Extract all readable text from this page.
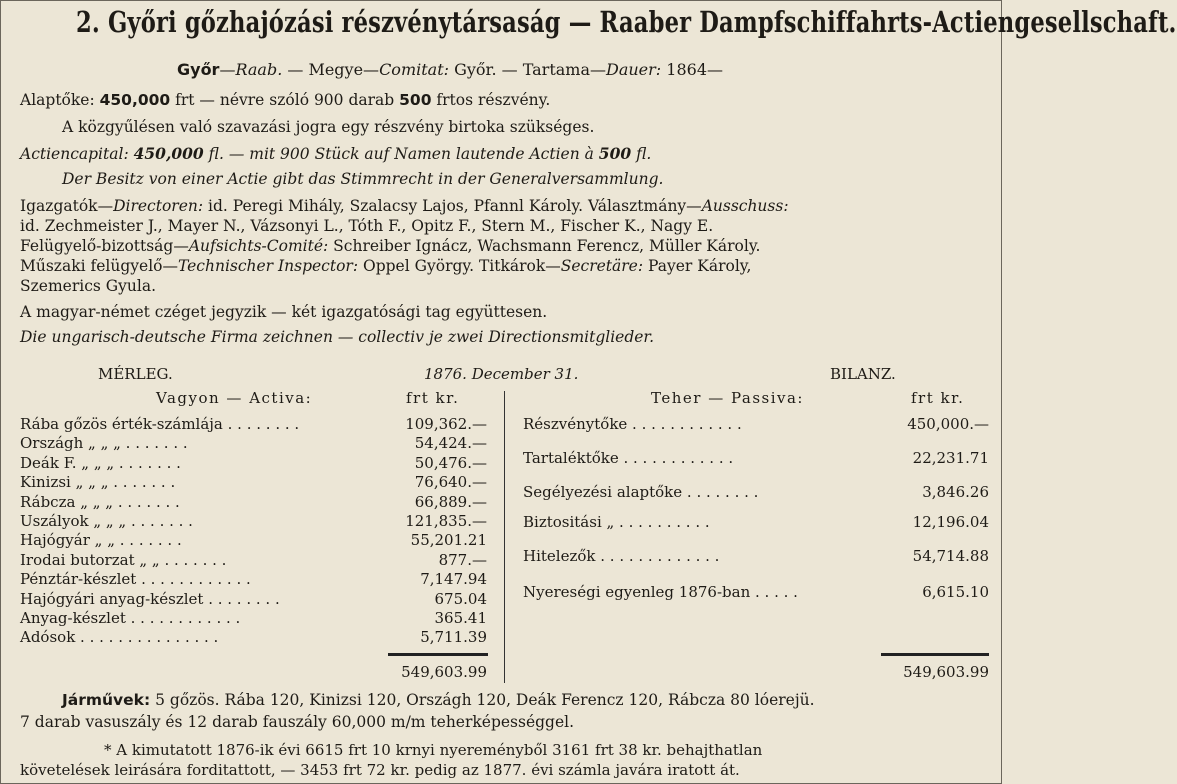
2. Győri gőzhajózási részvénytársaság — Raaber Dampfschiffahrts-Actiengesellschaft.
Győr—Raab. — Megye—Comitat: Győr. — Tartama—Dauer: 1864—
Alaptőke: 450,000 frt — névre szóló 900 darab 500 frtos részvény.
A közgyűlésen való szavazási jogra egy részvény birtoka szükséges.
Actiencapital: 450,000 fl. — mit 900 Stück auf Namen lautende Actien à 500 fl.
Der Besitz von einer Actie gibt das Stimmrecht in der Generalversammlung.
Igazgatók—Directoren: id. Peregi Mihály, Szalacsy Lajos, Pfannl Károly. Választmány—Ausschuss:
id. Zechmeister J., Mayer N., Vázsonyi L., Tóth F., Opitz F., Stern M., Fischer K., Nagy E.
Felügyelő-bizottság—Aufsichts-Comité: Schreiber Ignácz, Wachsmann Ferencz, Müller Károly.
Műszaki felügyelő—Technischer Inspector: Oppel György. Titkárok—Secretäre: Payer Károly,
Szemerics Gyula.
A magyar-német czéget jegyzik — két igazgatósági tag együttesen.
Die ungarisch-deutsche Firma zeichnen — collectiv je zwei Directionsmitglieder.
MÉRLEG.	1876. December 31.	BILANZ.
Vagyon — Activa:	frt kr.	Teher — Passiva:	frt kr.
Rába gőzös érték-számlája . . . . . . . .	109,362.—
Országh „ „ „ . . . . . . .	54,424.—
Deák F. „ „ „ . . . . . . .	50,476.—
Kinizsi „ „ „ . . . . . . .	76,640.—
Rábcza „ „ „ . . . . . . .	66,889.—
Uszályok „ „ „ . . . . . . .	121,835.—
Hajógyár „ „ . . . . . . .	55,201.21
Irodai butorzat „ „ . . . . . . .	877.—
Pénztár-készlet . . . . . . . . . . . .	7,147.94
Hajógyári anyag-készlet . . . . . . . .	675.04
Anyag-készlet . . . . . . . . . . . .	365.41
Adósok . . . . . . . . . . . . . . .	5,711.39
Részvénytőke . . . . . . . . . . . .	450,000.—
Tartaléktőke . . . . . . . . . . . .	22,231.71
Segélyezési alaptőke . . . . . . . .	3,846.26
Biztositási „ . . . . . . . . . .	12,196.04
Hitelezők . . . . . . . . . . . . .	54,714.88
Nyereségi egyenleg 1876-ban . . . . .	6,615.10
549,603.99	549,603.99
Járművek: 5 gőzös. Rába 120, Kinizsi 120, Országh 120, Deák Ferencz 120, Rábcza 80 lóerejü.
7 darab vasuszály és 12 darab fauszály 60,000 m/m teherképességgel.
* A kimutatott 1876-ik évi 6615 frt 10 krnyi nyereményből 3161 frt 38 kr. behajthatlan
követelések leirására forditattott, — 3453 frt 72 kr. pedig az 1877. évi számla javára iratott át.
